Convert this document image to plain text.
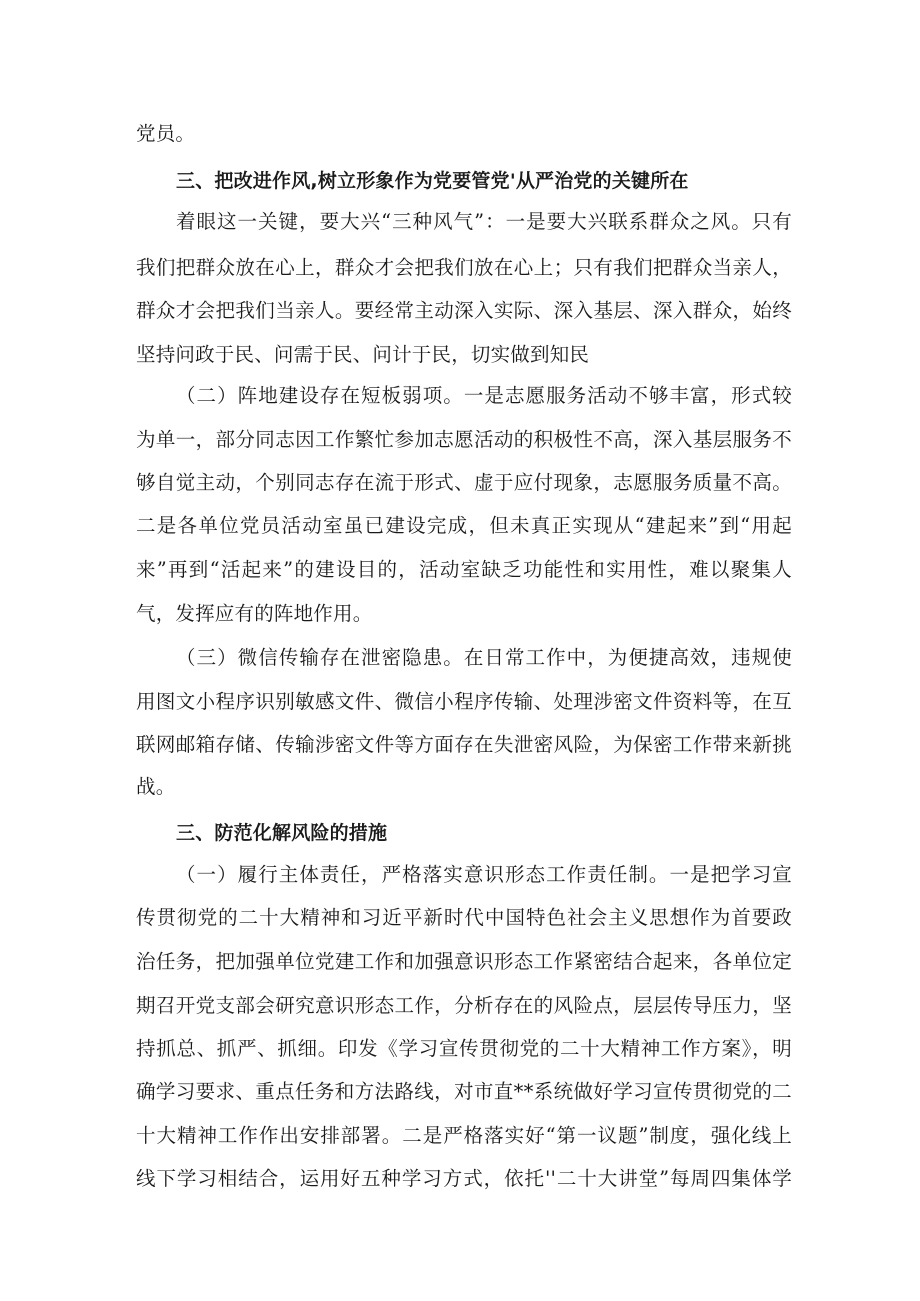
党员。
三、把改进作风,树立形象作为党要管党'从严治党的关键所在
着眼这一关键，要大兴“三种风气”：一是要大兴联系群众之风。只有
我们把群众放在心上，群众才会把我们放在心上；只有我们把群众当亲人，
群众才会把我们当亲人。要经常主动深入实际、深入基层、深入群众，始终
坚持问政于民、问需于民、问计于民，切实做到知民
（二）阵地建设存在短板弱项。一是志愿服务活动不够丰富，形式较
为单一，部分同志因工作繁忙参加志愿活动的积极性不高，深入基层服务不
够自觉主动，个别同志存在流于形式、虚于应付现象，志愿服务质量不高。
二是各单位党员活动室虽已建设完成，但未真正实现从“建起来”到“用起
来”再到“活起来”的建设目的，活动室缺乏功能性和实用性，难以聚集人
气，发挥应有的阵地作用。
（三）微信传输存在泄密隐患。在日常工作中，为便捷高效，违规使
用图文小程序识别敏感文件、微信小程序传输、处理涉密文件资料等，在互
联网邮箱存储、传输涉密文件等方面存在失泄密风险，为保密工作带来新挑
战。
三、防范化解风险的措施
（一）履行主体责任，严格落实意识形态工作责任制。一是把学习宣
传贯彻党的二十大精神和习近平新时代中国特色社会主义思想作为首要政
治任务，把加强单位党建工作和加强意识形态工作紧密结合起来，各单位定
期召开党支部会研究意识形态工作，分析存在的风险点，层层传导压力，坚
持抓总、抓严、抓细。印发《学习宣传贯彻党的二十大精神工作方案》，明
确学习要求、重点任务和方法路线，对市直**系统做好学习宣传贯彻党的二
十大精神工作作出安排部署。二是严格落实好“第一议题”制度，强化线上
线下学习相结合，运用好五种学习方式，依托''二十大讲堂”每周四集体学
